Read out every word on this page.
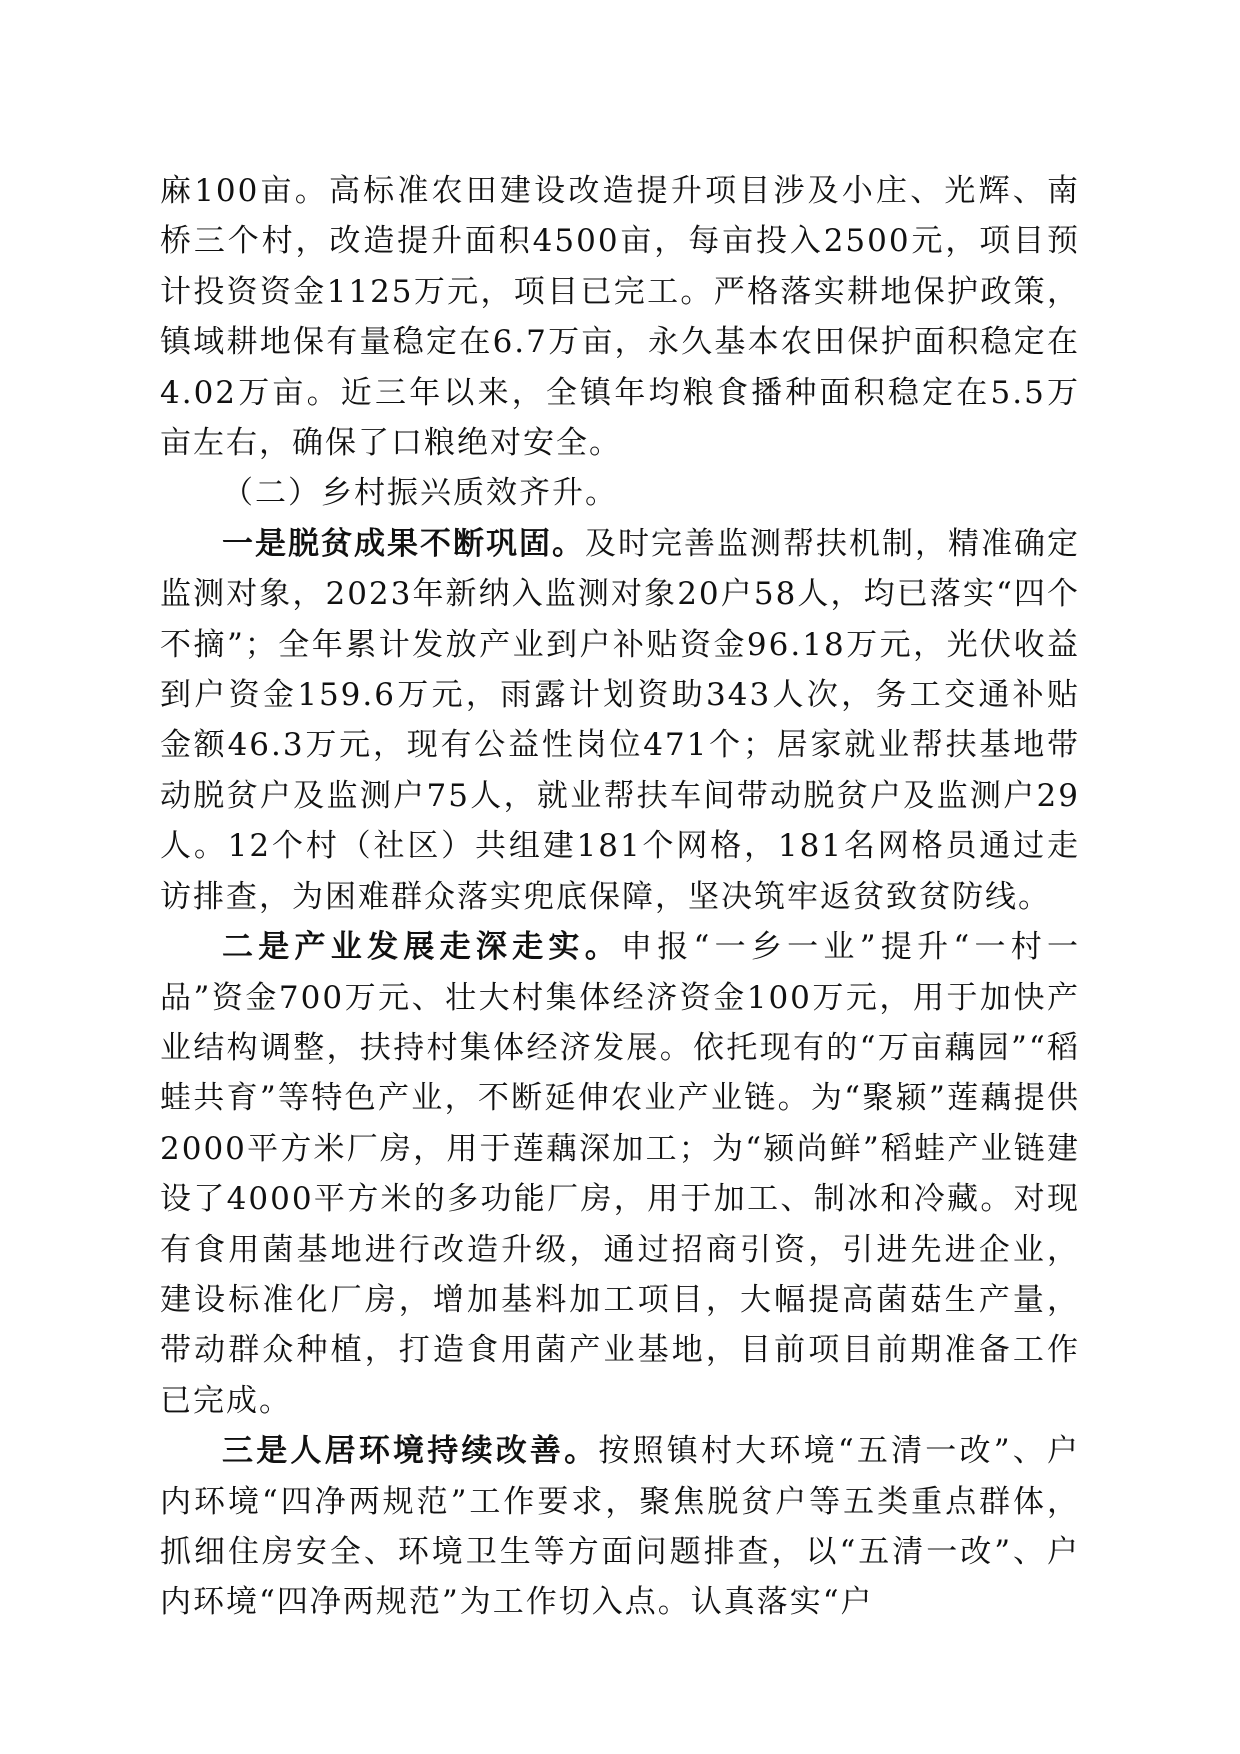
麻100亩。高标准农田建设改造提升项目涉及小庄、光辉、南桥三个村，改造提升面积4500亩，每亩投入2500元，项目预计投资资金1125万元，项目已完工。严格落实耕地保护政策，镇域耕地保有量稳定在6.7万亩，永久基本农田保护面积稳定在4.02万亩。近三年以来，全镇年均粮食播种面积稳定在5.5万亩左右，确保了口粮绝对安全。

（二）乡村振兴质效齐升。

一是脱贫成果不断巩固。及时完善监测帮扶机制，精准确定监测对象，2023年新纳入监测对象20户58人，均已落实“四个不摘”；全年累计发放产业到户补贴资金96.18万元，光伏收益到户资金159.6万元，雨露计划资助343人次，务工交通补贴金额46.3万元，现有公益性岗位471个；居家就业帮扶基地带动脱贫户及监测户75人，就业帮扶车间带动脱贫户及监测户29人。12个村（社区）共组建181个网格，181名网格员通过走访排查，为困难群众落实兜底保障，坚决筑牢返贫致贫防线。

二是产业发展走深走实。申报“一乡一业”提升“一村一品”资金700万元、壮大村集体经济资金100万元，用于加快产业结构调整，扶持村集体经济发展。依托现有的“万亩藕园”“稻蛙共育”等特色产业，不断延伸农业产业链。为“聚颍”莲藕提供2000平方米厂房，用于莲藕深加工；为“颍尚鲜”稻蛙产业链建设了4000平方米的多功能厂房，用于加工、制冰和冷藏。对现有食用菌基地进行改造升级，通过招商引资，引进先进企业，建设标准化厂房，增加基料加工项目，大幅提高菌菇生产量，带动群众种植，打造食用菌产业基地，目前项目前期准备工作已完成。

三是人居环境持续改善。按照镇村大环境“五清一改”、户内环境“四净两规范”工作要求，聚焦脱贫户等五类重点群体，抓细住房安全、环境卫生等方面问题排查，以“五清一改”、户内环境“四净两规范”为工作切入点。认真落实“户
